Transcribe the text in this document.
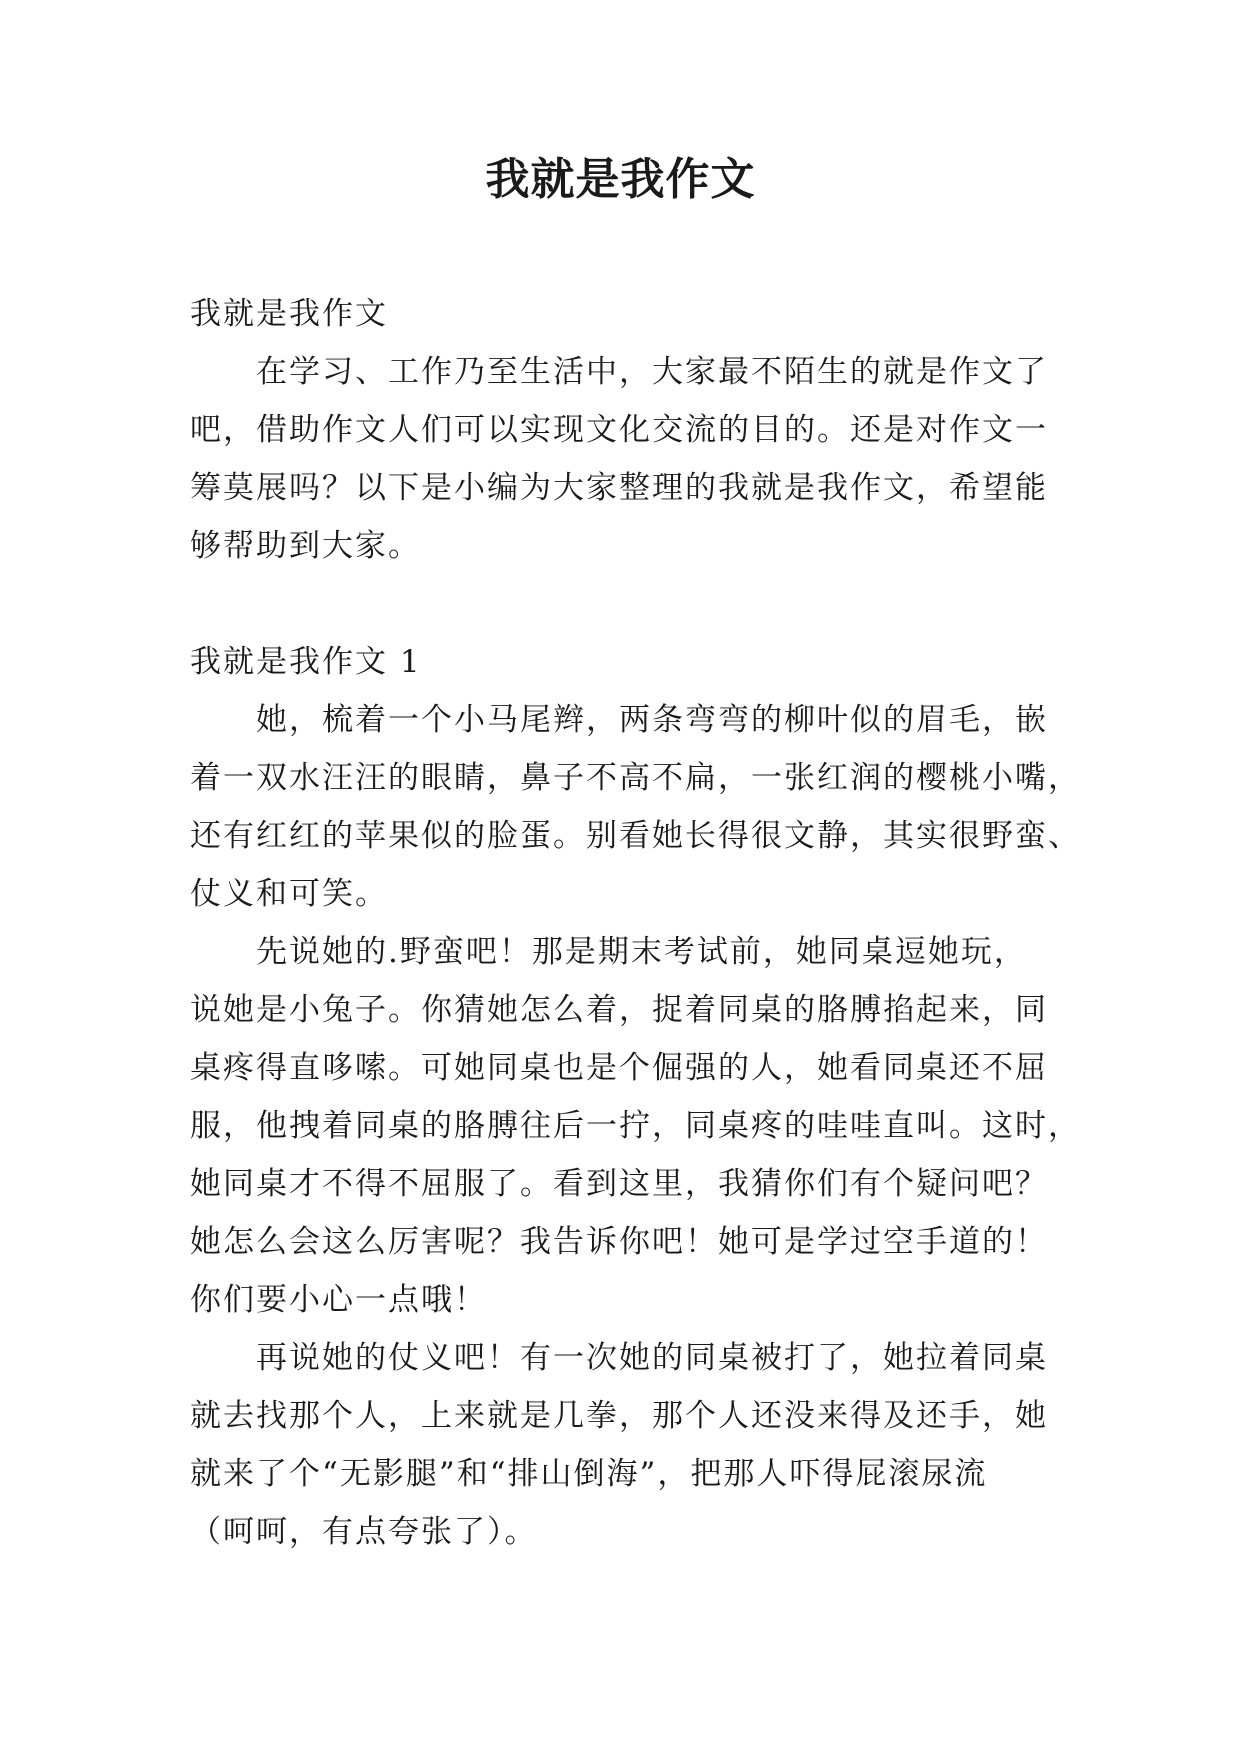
我就是我作文
我就是我作文
在学习、工作乃至生活中，大家最不陌生的就是作文了
吧，借助作文人们可以实现文化交流的目的。还是对作文一
筹莫展吗？以下是小编为大家整理的我就是我作文，希望能
够帮助到大家。
我就是我作文 1
她，梳着一个小马尾辫，两条弯弯的柳叶似的眉毛，嵌
着一双水汪汪的眼睛，鼻子不高不扁，一张红润的樱桃小嘴，
还有红红的苹果似的脸蛋。别看她长得很文静，其实很野蛮、
仗义和可笑。
先说她的.野蛮吧！那是期末考试前，她同桌逗她玩，
说她是小兔子。你猜她怎么着，捉着同桌的胳膊掐起来，同
桌疼得直哆嗦。可她同桌也是个倔强的人，她看同桌还不屈
服，他拽着同桌的胳膊往后一拧，同桌疼的哇哇直叫。这时，
她同桌才不得不屈服了。看到这里，我猜你们有个疑问吧？
她怎么会这么厉害呢？我告诉你吧！她可是学过空手道的！
你们要小心一点哦！
再说她的仗义吧！有一次她的同桌被打了，她拉着同桌
就去找那个人，上来就是几拳，那个人还没来得及还手，她
就来了个“无影腿”和“排山倒海”，把那人吓得屁滚尿流
（呵呵，有点夸张了）。
